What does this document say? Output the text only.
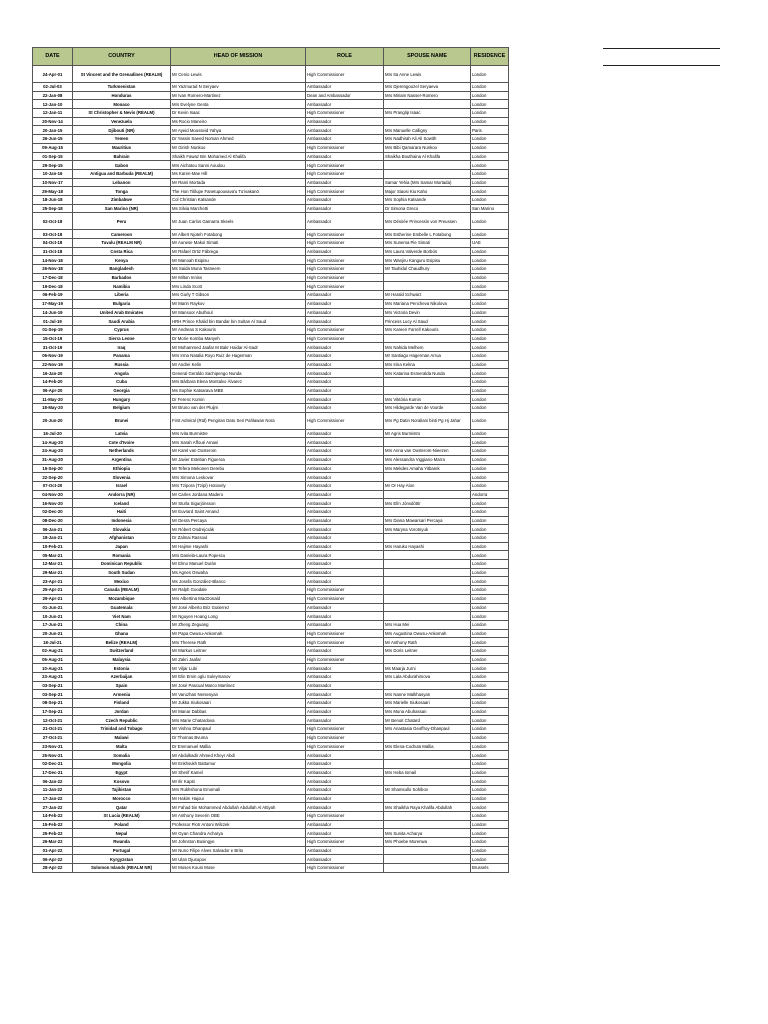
DATE	COUNTRY	HEAD OF MISSION	ROLE	SPOUSE NAME	RESIDENCE
24-Apr-01	St Vincent and the Grenadines (REALM)	Mr Cenio Lewis	High Commissioner	Mrs Ita Anne Lewis	London
02-Jul-03	Turkmenistan	Mr Yazmurad N Seryaev	Ambassador	Mrs Djerengoozel Seryaeva	London
22-Jan-08	Honduras	Mr Ivan Romero-Martinez	Dean and Ambassador	Mrs Miriam Nasser-Romero	London
12-Jan-10	Monaco	Mrs Evelyne Genta	Ambassador		London
12-Jan-11	St Christopher & Nevis (REALM)	Dr Kevin Isaac	High Commissioner	Mrs Pranglip Isaac	London
20-Nov-14	Venezuela	Ms Rocio Maneiro	Ambassador		London
20-Jan-15	Djibouti (NR)	Mr Ayeid Mousseid Yahya	Ambassador	Mrs Manuelle Calligny	Paris
26-Jun-15	Yemen	Dr Yassin Saeed Noman Ahmed	Ambassador	Mrs Nadhirah Ali Ali Sowith	London
09-Aug-15	Mauritius	Mr Girish Nunkoo	High Commissioner	Mrs Bibi Qamarara Nunkoo	London
01-Sep-15	Bahrain	Shaikh Fawaz Bin Mohamed Al Khalifa	Ambassador	Shaikha Bouthaina Al Khalifa	London
29-Sep-15	Gabon	Mrs Aichatou Sanni Aoudou	High Commissioner		London
10-Jan-16	Antigua and Barbuda (REALM)	Ms Karen-Mae Hill	High Commissioner		London
10-Nov-17	Lebanon	Mr Rami Mortada	Ambassador	Samar Yehia (Mrs Samar Mortada)	London
29-May-18	Tonga	The Hon Titilupe Fanetupouvava'u Tu'ivakanō	High Commissioner	Major Siaosi Kiu Kaho	London
18-Jun-18	Zimbabwe	Col Christian Katsande	Ambassador	Mrs Sophia Katsande	London
25-Sep-18	San Marino (NR)	Ms Silvia Marchetti	Ambassador	Dr Simona Greco	San Marino
02-Oct-18	Peru	Mr Juan Carlos Gamarra Skeels	Ambassador	Mrs Désirée Princessin von Preussen	London
03-Oct-18	Cameroon	Mr Albert Njoteh Fotabong	High Commissioner	Mrs Estherine Embelle L Fotabong	London
04-Oct-18	Tuvalu (REALM NR)	Mr Aunese Makoi Simati	High Commissioner	Mrs Sunema Pie Simati	UAE
31-Oct-18	Costa Rica	Mr Rafael Ortiz Fábrega	Ambassador	Mrs Laura Valverde Borbón	London
14-Nov-18	Kenya	Mr Manoah Esipisu	High Commissioner	Mrs Wanjiru Kanguru Esipisu	London
26-Nov-18	Bangladesh	Ms Saida Muna Tasneem	High Commissioner	Mr Tauhidul Chaudhury	London
17-Dec-18	Barbados	Mr Milton Inniss	High Commissioner		London
19-Dec-18	Namibia	Mrs Linda Scott	High Commissioner		London
06-Feb-19	Liberia	Mrs Gurly T Gibson	Ambassador	Mr Harald Schwarz	London
17-May-19	Bulgaria	Mr Marin Raykov	Ambassador	Mrs Mariana Pencheva Nikolova	London
14-Jun-19	United Arab Emirates	Mr Mansoor Abulhoul	Ambassador	Mrs Victoria Devin	London
01-Jul-19	Saudi Arabia	HRH Prince Khalid bin Bandar bin Sultan Al Saud	Ambassador	Princess Lucy Al Saud	London
01-Sep-19	Cyprus	Mr Andreas S Kakouris	High Commissioner	Mrs Kareen Farrell Kakouris	London
15-Oct-19	Sierra Leone	Dr Morie Komba Manyeh	High Commissioner		London
31-Oct-19	Iraq	Mr Mohammed Jaafar M Bakr Haidar Al-Sadr	Ambassador	Mrs Nahida Melhem	London
06-Nov-19	Panama	Mrs Irma Natalia Royo Ruiz de Hagerman	Ambassador	Mr Santiago Hagerman Arrua	London
22-Nov-19	Russia	Mr Andrei Kelin	Ambassador	Mrs Irina Kelina	London
16-Jan-20	Angola	General Geraldo Sachipengo Nunda	Ambassador	Mrs Katarina Esmeralda Nunda	London
14-Feb-20	Cuba	Mrs Bárbara Elena Montalvo Álvarez	Ambassador		London
06-Apr-20	Georgia	Ms Sophie Katsarava MBE	Ambassador		London
11-May-20	Hungary	Dr Ferenc Kumin	Ambassador	Mrs Viktória Kumin	London
18-May-20	Belgium	Mr Bruno van der Pluijm	Ambassador	Mrs Hildegarde Van de Voorde	London
20-Jun-20	Brunei	First Admiral (Rtd) Pengiran Dato Seri Pahlawan Nora	High Commissioner	Mrs Pg Datin Noraliani binti Pg Hj Jahar	London
16-Jul-20	Latvia	Mrs Ivita Burmistre	Ambassador	Mr Agris Burmistrs	London
14-Aug-20	Cote d'Ivoire	Mrs Sarah Affoué Amani	Ambassador		London
24-Aug-20	Netherlands	Mr Karel van Oosterom	Ambassador	Mrs Anna van Oosterom-Nieezen	London
31-Aug-20	Argentina	Mr Javier Esteban Figueroa	Ambassador	Mrs Alessandra Viggiano Marra	London
15-Sep-20	Ethiopia	Mr Tefera Mekonen Derebu	Ambassador	Mrs Mekdes Amaha Yitbarek	London
22-Sep-20	Slovenia	Mrs Simona Leskovar	Ambassador		London
07-Oct-20	Israel	Mrs Tzipora (Tzipi) Hotovely	Ambassador	Mr Or Hay Alon	London
04-Nov-20	Andorra (NR)	Mr Carles Jordana Madero	Ambassador		Andorra
16-Nov-20	Iceland	Mr Sturla Sigurjónsson	Ambassador	Mrs Elín Jónsdóttir	London
02-Dec-20	Haiti	Mr Euvrard Saint Amand	Ambassador		London
08-Dec-20	Indonesia	Mr Desra Percaya	Ambassador	Mrs Diana Mawarsari Percaya	London
06-Jan-21	Slovakia	Mr Róbert Ondrejcsák	Ambassador	Mrs Maryna Vorotnyuk	London
18-Jan-21	Afghanistan	Dr Zalmai Rassoul	Ambassador		London
10-Feb-21	Japan	Mr Hajime Hayashi	Ambassador	Mrs Haruko Hayashi	London
05-Mar-21	Romania	Mrs Daniela-Laura Popescu	Ambassador		London
12-Mar-21	Dominican Republic	Mr Elmo Manuel Durán	Ambassador		London
29-Mar-21	South Sudan	Ms Agnes Oswaha	Ambassador		London
23-Apr-21	Mexico	Ms Josefa González-Blanco	Ambassador		London
25-Apr-21	Canada (REALM)	Mr Ralph Goodale	High Commissioner		London
29-Apr-21	Mozambique	Mrs Albertina MacDonald	High Commissioner		London
01-Jun-21	Guatemala	Mr José Alberto Briz Gutierrez	Ambassador		London
10-Jun-21	Viet Nam	Mr Nguyen Hoang Long	Ambassador		London
17-Jun-21	China	Mr Zheng Zeguang	Ambassador	Mrs Hua Mei	London
20-Jun-21	Ghana	Mr Papa Owusu-Ankomah	High Commissioner	Mrs Augustina Owusu-Ankomah	London
18-Jul-21	Belize (REALM)	Mrs Therese Rath	High Commissioner	Mr Anthony Rath	London
02-Aug-21	Switzerland	Mr Markus Leitner	Ambassador	Mrs Doris Leitner	London
05-Aug-21	Malaysia	Mr Zakri Jaafar	High Commissioner		London
10-Aug-21	Estonia	Mr Viljar Lubi	Ambassador	Ms Maarja Jurni	London
23-Aug-21	Azerbaijan	Mr Elin Emin oglu Suleymanov	Ambassador	Mrs Lala Abdurahimova	London
03-Sep-21	Spain	Mr José Pascual Marco Martínez	Ambassador		London
03-Sep-21	Armenia	Mr Varuzhan Nersesyan	Ambassador	Mrs Nanne Malkhasyan	London
08-Sep-21	Finland	Mr Jukka Siukosaari	Ambassador	Mrs Marielle Siukosaari	London
17-Sep-21	Jordan	Mr Manar Dabbas	Ambassador	Mrs Muna Abuhassan	London
12-Oct-21	Czech Republic	Mrs Marie Chatardova	Ambassador	Mr Benoit Chatard	London
21-Oct-21	Trinidad and Tobago	Mr Vishnu Dhanpaul	High Commissioner	Mrs Anastasia Geoffroy-Dhanpaul	London
27-Oct-21	Malawi	Dr Thomas Bvuma	High Commissioner		London
23-Nov-21	Malta	Dr Emmanuel Mallia	High Commissioner	Mrs Elena-Codruta Mallia	London
25-Nov-21	Somalia	Mr Abdulkadir Ahmed Kheyr Abdi	Ambassador		London
02-Dec-21	Mongolia	Mr Enkhsukh Battumur	Ambassador		London
17-Dec-21	Egypt	Mr Sherif Kamel	Ambassador	Mrs Heba Ismail	London
06-Jan-22	Kosovo	Mr Ilir Kapiti	Ambassador		London
11-Jan-22	Tajikistan	Mrs Rukhshona Emomali	Ambassador	Mr Shamsullo Sohibov	London
17-Jan-22	Morocco	Mr Hakim Hajoui	Ambassador		London
27-Jan-22	Qatar	Mr Fahad bin Mohammed Abdullah Abdullah Al Attiyah	Ambassador	Mrs Shaikha Raya Khalifa Abdullah	London
14-Feb-22	St Lucia (REALM)	Mr Anthony Severin OBE	High Commissioner		London
15-Feb-22	Poland	Professor Piotr Antoni Wilczek	Ambassador		London
25-Feb-22	Nepal	Mr Gyan Chandra Acharya	Ambassador	Mrs Sunita Acharya	London
26-Mar-22	Rwanda	Mr Johnston Busingye	High Commissioner	Mrs Phoebe Murenwa	London
01-Apr-22	Portugal	Mr Nuno Filipe Alves Salvador e Brito	Ambassador		London
06-Apr-22	Kyrgyzstan	Mr Ulan Djusupov	Ambassador		London
28-Apr-22	Solomon Islands (REALM NR)	Mr Moses Kouni Mose	High Commissioner		Brussels
